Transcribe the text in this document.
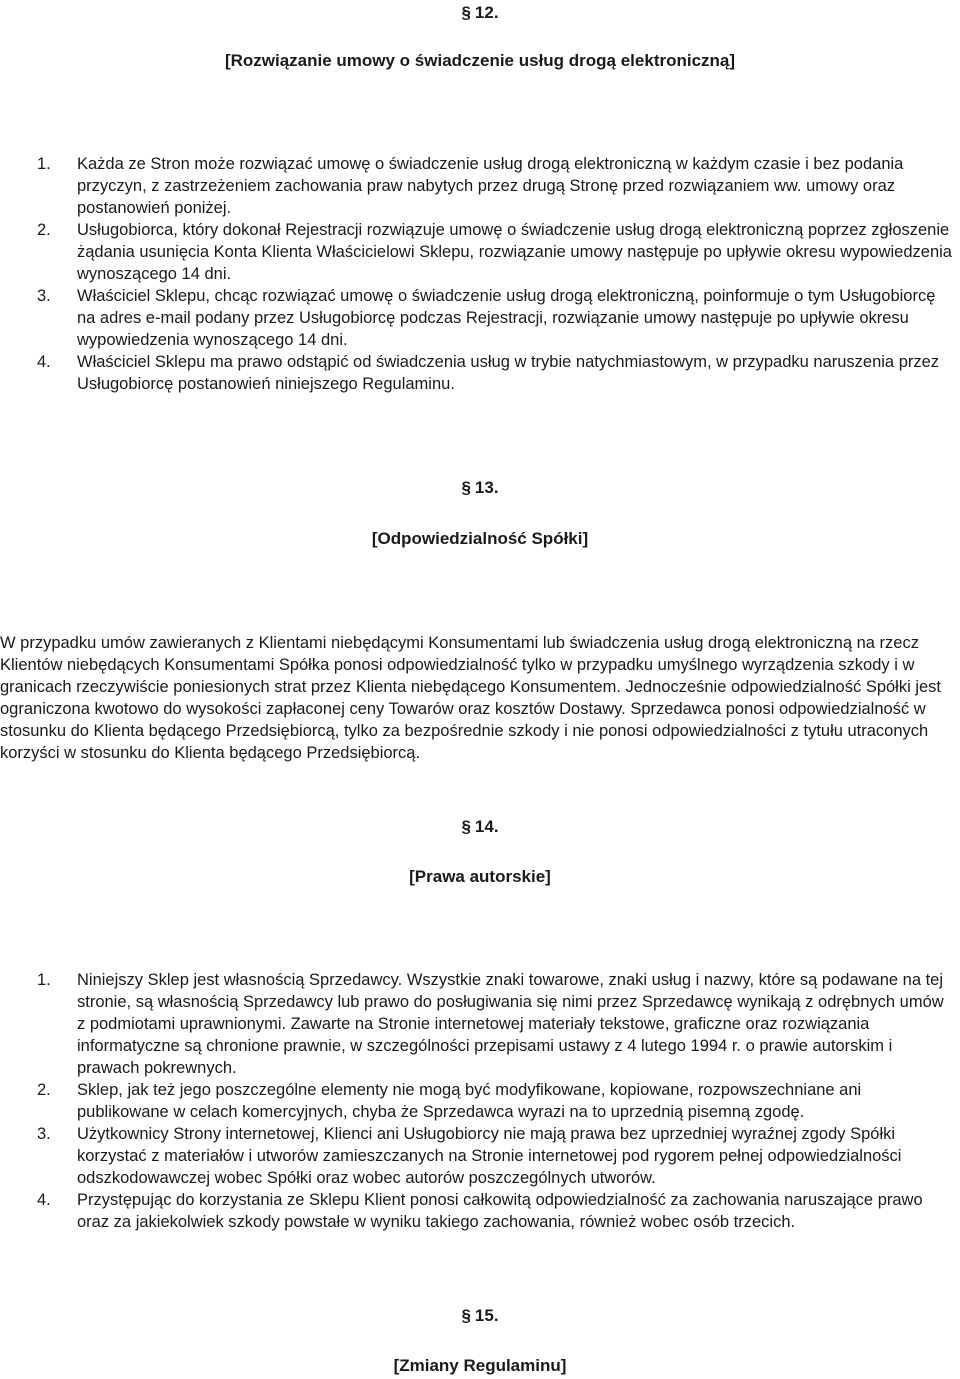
§ 12.
[Rozwiązanie umowy o świadczenie usług drogą elektroniczną]
1. Każda ze Stron może rozwiązać umowę o świadczenie usług drogą elektroniczną w każdym czasie i bez podania przyczyn, z zastrzeżeniem zachowania praw nabytych przez drugą Stronę przed rozwiązaniem ww. umowy oraz postanowień poniżej.
2. Usługobiorca, który dokonał Rejestracji rozwiązuje umowę o świadczenie usług drogą elektroniczną poprzez zgłoszenie żądania usunięcia Konta Klienta Właścicielowi Sklepu, rozwiązanie umowy następuje po upływie okresu wypowiedzenia wynoszącego 14 dni.
3. Właściciel Sklepu, chcąc rozwiązać umowę o świadczenie usług drogą elektroniczną, poinformuje o tym Usługobiorcę na adres e-mail podany przez Usługobiorcę podczas Rejestracji, rozwiązanie umowy następuje po upływie okresu wypowiedzenia wynoszącego 14 dni.
4. Właściciel Sklepu ma prawo odstąpić od świadczenia usług w trybie natychmiastowym, w przypadku naruszenia przez Usługobiorcę postanowień niniejszego Regulaminu.
§ 13.
[Odpowiedzialność Spółki]

W przypadku umów zawieranych z Klientami niebędącymi Konsumentami lub świadczenia usług drogą elektroniczną na rzecz Klientów niebędących Konsumentami Spółka ponosi odpowiedzialność tylko w przypadku umyślnego wyrządzenia szkody i w granicach rzeczywiście poniesionych strat przez Klienta niebędącego Konsumentem. Jednocześnie odpowiedzialność Spółki jest ograniczona kwotowo do wysokości zapłaconej ceny Towarów oraz kosztów Dostawy. Sprzedawca ponosi odpowiedzialność w stosunku do Klienta będącego Przedsiębiorcą, tylko za bezpośrednie szkody i nie ponosi odpowiedzialności z tytułu utraconych korzyści w stosunku do Klienta będącego Przedsiębiorcą.

§ 14.
[Prawa autorskie]
1. Niniejszy Sklep jest własnością Sprzedawcy. Wszystkie znaki towarowe, znaki usług i nazwy, które są podawane na tej stronie, są własnością Sprzedawcy lub prawo do posługiwania się nimi przez Sprzedawcę wynikają z odrębnych umów z podmiotami uprawnionymi. Zawarte na Stronie internetowej materiały tekstowe, graficzne oraz rozwiązania informatyczne są chronione prawnie, w szczególności przepisami ustawy z 4 lutego 1994 r. o prawie autorskim i prawach pokrewnych.
2. Sklep, jak też jego poszczególne elementy nie mogą być modyfikowane, kopiowane, rozpowszechniane ani publikowane w celach komercyjnych, chyba że Sprzedawca wyrazi na to uprzednią pisemną zgodę.
3. Użytkownicy Strony internetowej, Klienci ani Usługobiorcy nie mają prawa bez uprzedniej wyraźnej zgody Spółki korzystać z materiałów i utworów zamieszczanych na Stronie internetowej pod rygorem pełnej odpowiedzialności odszkodowawczej wobec Spółki oraz wobec autorów poszczególnych utworów.
4. Przystępując do korzystania ze Sklepu Klient ponosi całkowitą odpowiedzialność za zachowania naruszające prawo oraz za jakiekolwiek szkody powstałe w wyniku takiego zachowania, również wobec osób trzecich.
§ 15.
[Zmiany Regulaminu]
